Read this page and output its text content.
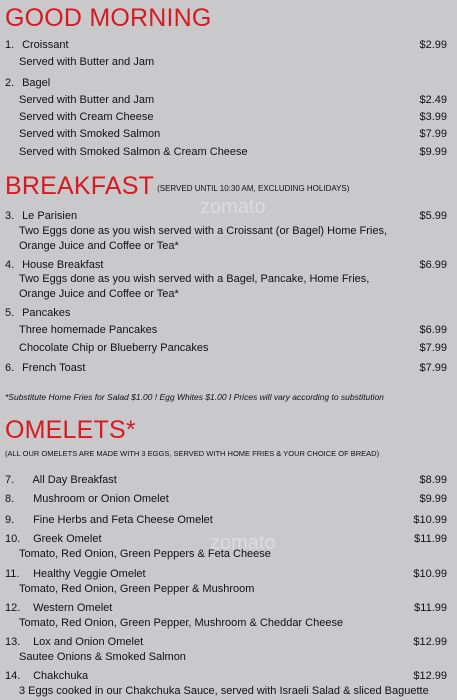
GOOD MORNING
1. Croissant	$2.99
Served with Butter and Jam
2. Bagel
Served with Butter and Jam	$2.49
Served with Cream Cheese	$3.99
Served with Smoked Salmon	$7.99
Served with Smoked Salmon & Cream Cheese	$9.99
BREAKFAST (SERVED UNTIL 10:30 AM, EXCLUDING HOLIDAYS)
zomato
3. Le Parisien	$5.99
Two Eggs done as you wish served with a Croissant (or Bagel) Home Fries,
Orange Juice and Coffee or Tea*
4. House Breakfast	$6.99
Two Eggs done as you wish served with a Bagel, Pancake, Home Fries,
Orange Juice and Coffee or Tea*
5. Pancakes
Three homemade Pancakes	$6.99
Chocolate Chip or Blueberry Pancakes	$7.99
6. French Toast	$7.99
*Substitute Home Fries for Salad $1.00 ! Egg Whites $1.00 I Prices will vary according to substitution
OMELETS*
(ALL OUR OMELETS ARE MADE WITH 3 EGGS, SERVED WITH HOME FRIES & YOUR CHOICE OF BREAD)
7. All Day Breakfast	$8.99
8. Mushroom or Onion Omelet	$9.99
9. Fine Herbs and Feta Cheese Omelet	$10.99
zomato
10. Greek Omelet	$11.99
Tomato, Red Onion, Green Peppers & Feta Cheese
11. Healthy Veggie Omelet	$10.99
Tomato, Red Onion, Green Pepper & Mushroom
12. Western Omelet	$11.99
Tomato, Red Onion, Green Pepper, Mushroom & Cheddar Cheese
13. Lox and Onion Omelet	$12.99
Sautee Onions & Smoked Salmon
14. Chakchuka	$12.99
3 Eggs cooked in our Chakchuka Sauce, served with Israeli Salad & sliced Baguette
